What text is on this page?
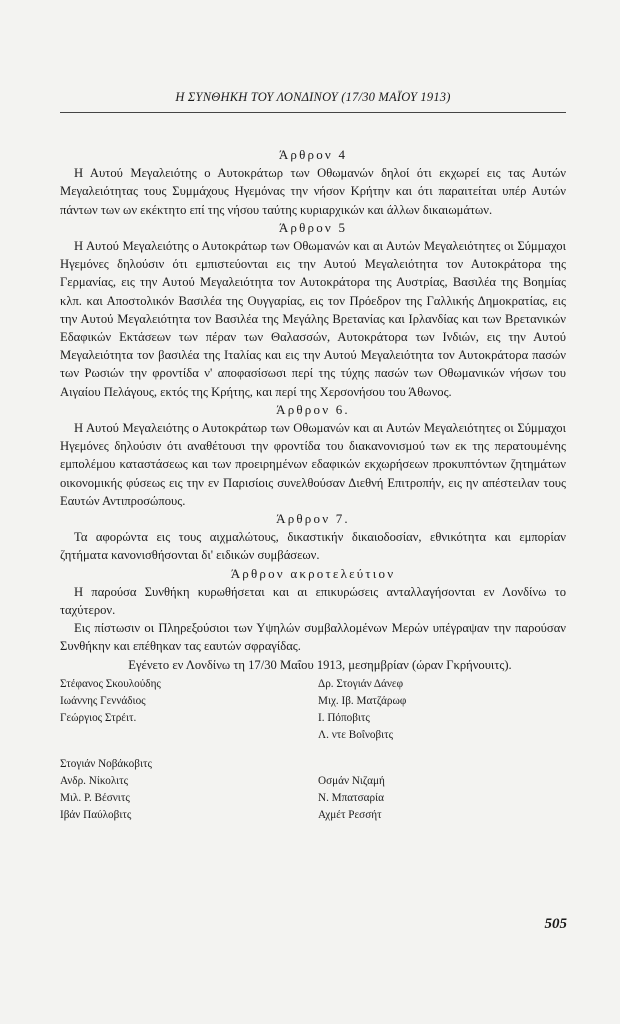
Η ΣΥΝΘΗΚΗ ΤΟΥ ΛΟΝΔΙΝΟΥ (17/30 ΜΑΪΟΥ 1913)

Άρθρον 4

Η Αυτού Μεγαλειότης ο Αυτοκράτωρ των Οθωμανών δηλοί ότι εκχωρεί εις τας Αυτών Μεγαλειότητας τους Συμμάχους Ηγεμόνας την νήσον Κρήτην και ότι παραιτείται υπέρ Αυτών πάντων των ων εκέκτητο επί της νήσου ταύτης κυριαρχικών και άλλων δικαιωμάτων.

Άρθρον 5

Η Αυτού Μεγαλειότης ο Αυτοκράτωρ των Οθωμανών και αι Αυτών Μεγαλειότητες οι Σύμμαχοι Ηγεμόνες δηλούσιν ότι εμπιστεύονται εις την Αυτού Μεγαλειότητα τον Αυτοκράτορα της Γερμανίας, εις την Αυτού Μεγαλειότητα τον Αυτοκράτορα της Αυστρίας, Βασιλέα της Βοημίας κλπ. και Αποστολικόν Βασιλέα της Ουγγαρίας, εις τον Πρόεδρον της Γαλλικής Δημοκρατίας, εις την Αυτού Μεγαλειότητα τον Βασιλέα της Μεγάλης Βρετανίας και Ιρλανδίας και των Βρετανικών Εδαφικών Εκτάσεων των πέραν των Θαλασσών, Αυτοκράτορα των Ινδιών, εις την Αυτού Μεγαλειότητα τον βασιλέα της Ιταλίας και εις την Αυτού Μεγαλειότητα τον Αυτοκράτορα πασών των Ρωσιών την φροντίδα ν' αποφασίσωσι περί της τύχης πασών των Οθωμανικών νήσων του Αιγαίου Πελάγους, εκτός της Κρήτης, και περί της Χερσονήσου του Άθωνος.

Άρθρον 6.

Η Αυτού Μεγαλειότης ο Αυτοκράτωρ των Οθωμανών και αι Αυτών Μεγαλειότητες οι Σύμμαχοι Ηγεμόνες δηλούσιν ότι αναθέτουσι την φροντίδα του διακανονισμού των εκ της περατουμένης εμπολέμου καταστάσεως και των προειρημένων εδαφικών εκχωρήσεων προκυπτόντων ζητημάτων οικονομικής φύσεως εις την εν Παρισίοις συνελθούσαν Διεθνή Επιτροπήν, εις ην απέστειλαν τους Εαυτών Αντιπροσώπους.

Άρθρον 7.

Τα αφορώντα εις τους αιχμαλώτους, δικαστικήν δικαιοδοσίαν, εθνικότητα και εμπορίαν ζητήματα κανονισθήσονται δι' ειδικών συμβάσεων.

Άρθρον ακροτελεύτιον

Η παρούσα Συνθήκη κυρωθήσεται και αι επικυρώσεις ανταλλαγήσονται εν Λονδίνω το ταχύτερον.

Εις πίστωσιν οι Πληρεξούσιοι των Υψηλών συμβαλλομένων Μερών υπέγραψαν την παρούσαν Συνθήκην και επέθηκαν τας εαυτών σφραγίδας.

Εγένετο εν Λονδίνω τη 17/30 Μαΐου 1913, μεσημβρίαν (ώραν Γκρήνουιτς).

Στέφανος Σκουλούδης
Ιωάννης Γεννάδιος
Γεώργιος Στρέιτ.
Δρ. Στογιάν Δάνεφ
Μιχ. Ιβ. Ματζάρωφ
Ι. Πόποβιτς
Λ. ντε Βοΐνοβιτς
Στογιάν Νοβάκοβιτς
Ανδρ. Νίκολιτς
Μιλ. Ρ. Βέσνιτς
Ιβάν Παύλοβιτς
Οσμάν Νιζαμή
Ν. Μπατσαρία
Αχμέτ Ρεσσήτ
505
